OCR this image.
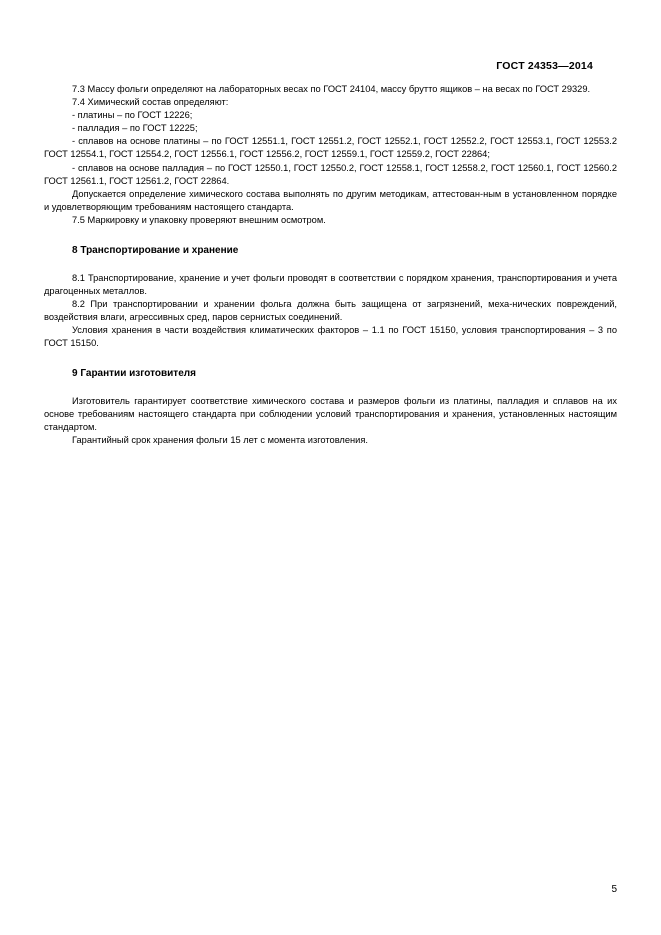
ГОСТ 24353—2014

7.3 Массу фольги определяют на лабораторных весах по ГОСТ 24104, массу брутто ящиков – на весах по ГОСТ 29329.

7.4 Химический состав определяют:

- платины – по ГОСТ 12226;

- палладия – по ГОСТ 12225;

- сплавов на основе платины – по ГОСТ 12551.1, ГОСТ 12551.2, ГОСТ 12552.1, ГОСТ 12552.2, ГОСТ 12553.1, ГОСТ 12553.2 ГОСТ 12554.1, ГОСТ 12554.2, ГОСТ 12556.1, ГОСТ 12556.2, ГОСТ 12559.1, ГОСТ 12559.2, ГОСТ 22864;

- сплавов на основе палладия – по ГОСТ 12550.1, ГОСТ 12550.2, ГОСТ 12558.1, ГОСТ 12558.2, ГОСТ 12560.1, ГОСТ 12560.2 ГОСТ 12561.1, ГОСТ 12561.2, ГОСТ 22864.

Допускается определение химического состава выполнять по другим методикам, аттестован-ным в установленном порядке и удовлетворяющим требованиям настоящего стандарта.

7.5 Маркировку и упаковку проверяют внешним осмотром.

8 Транспортирование и хранение

8.1 Транспортирование, хранение и учет фольги проводят в соответствии с порядком хранения, транспортирования и учета драгоценных металлов.

8.2 При транспортировании и хранении фольга должна быть защищена от загрязнений, меха-нических повреждений, воздействия влаги, агрессивных сред, паров сернистых соединений.

Условия хранения в части воздействия климатических факторов – 1.1 по ГОСТ 15150, условия транспортирования – 3 по ГОСТ 15150.

9 Гарантии изготовителя

Изготовитель гарантирует соответствие химического состава и размеров фольги из платины, палладия и сплавов на их основе требованиям настоящего стандарта при соблюдении условий транспортирования и хранения, установленных настоящим стандартом.

Гарантийный срок хранения фольги 15 лет с момента изготовления.

5
